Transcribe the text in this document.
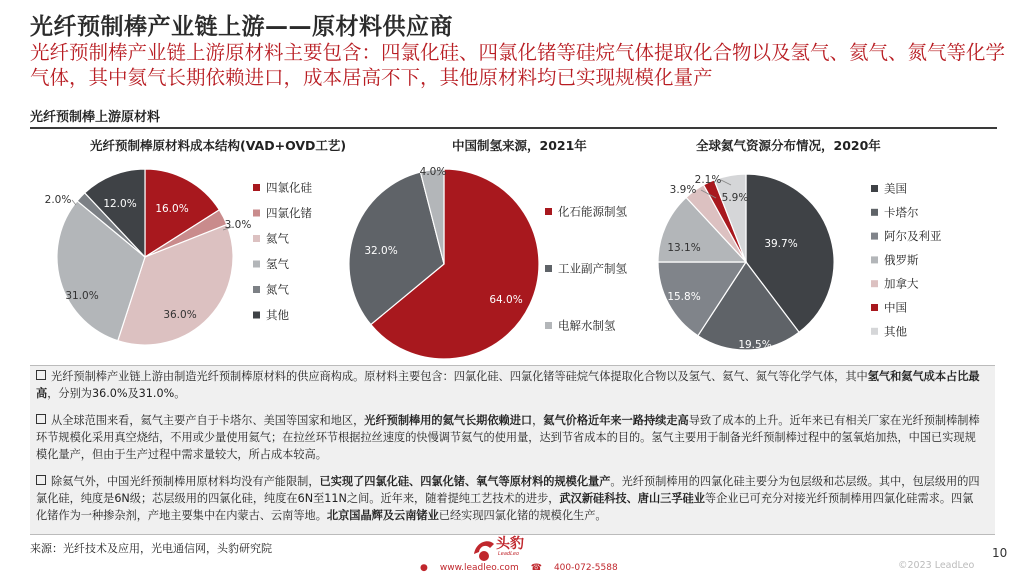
光纤预制棒产业链上游——原材料供应商
光纤预制棒产业链上游原材料主要包含：四氯化硅、四氯化锗等硅烷气体提取化合物以及氢气、氦气、氮气等化学气体，其中氦气长期依赖进口，成本居高不下，其他原材料均已实现规模化量产
光纤预制棒上游原材料
光纤预制棒原材料成本结构(VAD+OVD工艺)	中国制氢来源，2021年	全球氦气资源分布情况，2020年
16.0%
3.0%
36.0%
31.0%
2.0%	12.0%
四氯化硅
四氯化锗
氦气
氢气
氮气
其他
64.0%
32.0%
4.0%
化石能源制氢
工业副产制氢
电解水制氢
39.7%
19.5%
15.8%
13.1%
3.9%
2.1%
5.9%
美国
卡塔尔
阿尔及利亚
俄罗斯
加拿大
中国
其他
光纤预制棒产业链上游由制造光纤预制棒原材料的供应商构成。原材料主要包含：四氯化硅、四氯化锗等硅烷气体提取化合物以及氢气、氦气、氮气等化学气体，其中氢气和氦气成本占比最高，分别为36.0%及31.0%。
从全球范围来看，氦气主要产自于卡塔尔、美国等国家和地区，光纤预制棒用的氦气长期依赖进口，氦气价格近年来一路持续走高导致了成本的上升。近年来已有相关厂家在光纤预制棒制棒环节规模化采用真空烧结，不用或少量使用氦气；在拉丝环节根据拉丝速度的快慢调节氦气的使用量，达到节省成本的目的。氢气主要用于制备光纤预制棒过程中的氢氧焰加热，中国已实现规模化量产，但由于生产过程中需求量较大，所占成本较高。
除氦气外，中国光纤预制棒用原材料均没有产能限制，已实现了四氯化硅、四氯化锗、氧气等原材料的规模化量产。光纤预制棒用的四氯化硅主要分为包层级和芯层级。其中，包层级用的四氯化硅，纯度是6N级；芯层级用的四氯化硅，纯度在6N至11N之间。近年来，随着提纯工艺技术的进步，武汉新硅科技、唐山三孚硅业等企业已可充分对接光纤预制棒用四氯化硅需求。四氯化锗作为一种掺杂剂，产地主要集中在内蒙古、云南等地。北京国晶辉及云南锗业已经实现四氯化锗的规模化生产。
来源：光纤技术及应用，光电通信网，头豹研究院	头豹
LeadLeo
● www.leadleo.com ☎ 400-072-5588
10
©2023 LeadLeo
